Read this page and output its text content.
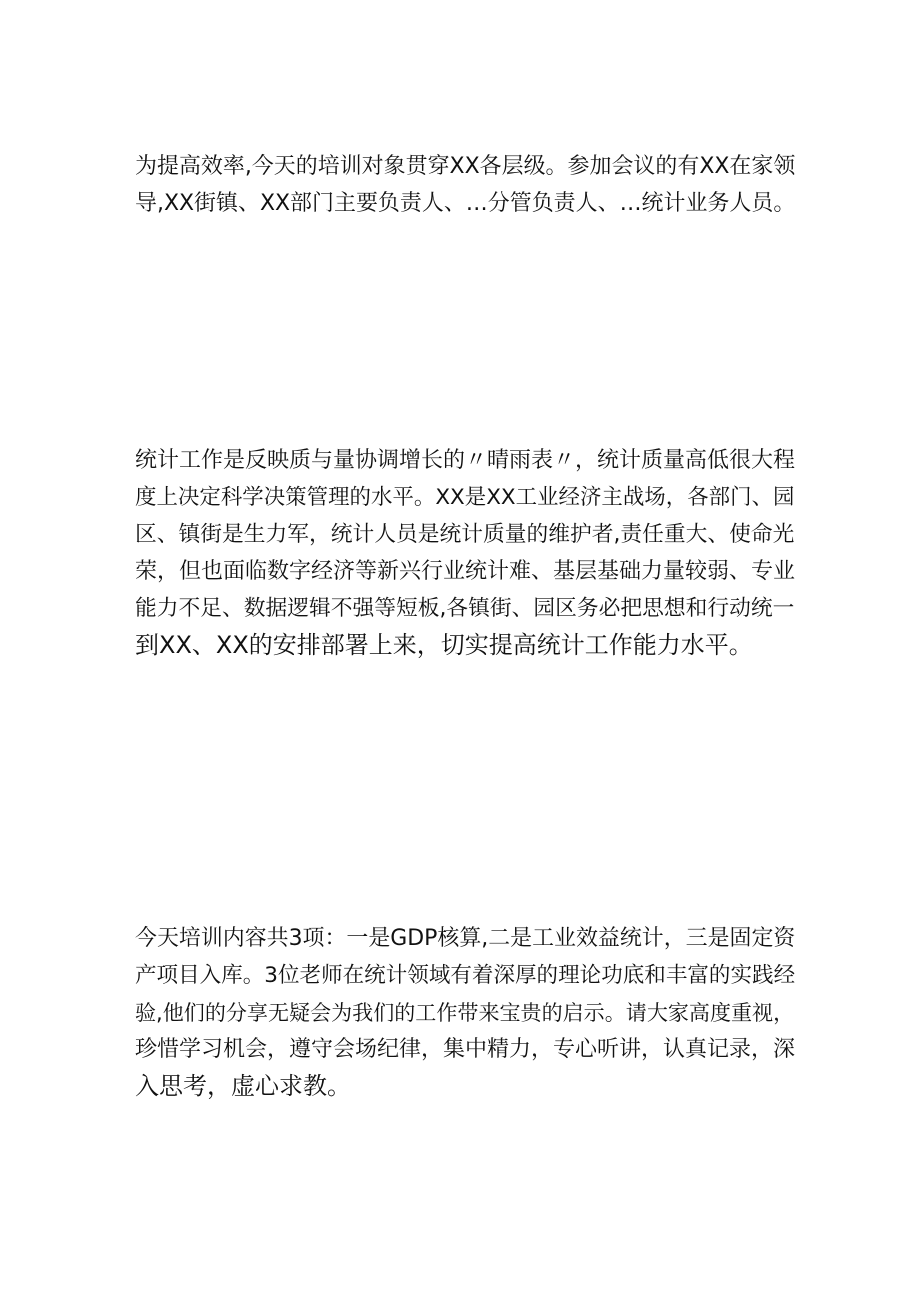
为提高效率,今天的培训对象贯穿XX各层级。参加会议的有XX在家领
导,XX街镇、XX部门主要负责人、…分管负责人、…统计业务人员。

统计工作是反映质与量协调增长的〃晴雨表〃，统计质量高低很大程
度上决定科学决策管理的水平。XX是XX工业经济主战场，各部门、园
区、镇街是生力军，统计人员是统计质量的维护者,责任重大、使命光
荣，但也面临数字经济等新兴行业统计难、基层基础力量较弱、专业
能力不足、数据逻辑不强等短板,各镇街、园区务必把思想和行动统一
到XX、XX的安排部署上来，切实提高统计工作能力水平。

今天培训内容共3项：一是GDP核算,二是工业效益统计，三是固定资
产项目入库。3位老师在统计领域有着深厚的理论功底和丰富的实践经
验,他们的分享无疑会为我们的工作带来宝贵的启示。请大家高度重视，
珍惜学习机会，遵守会场纪律，集中精力，专心听讲，认真记录，深
入思考，虚心求教。
